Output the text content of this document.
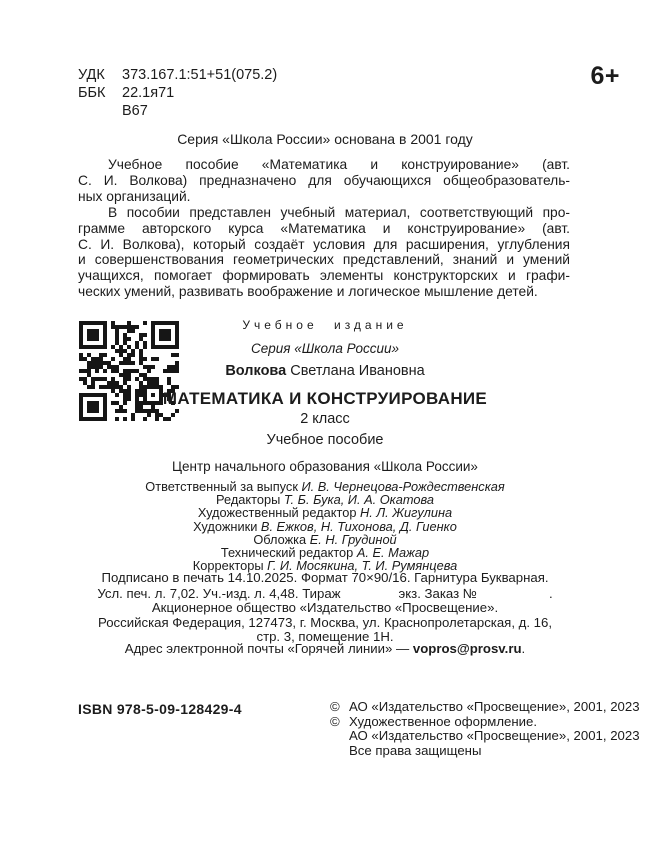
УДК	373.167.1:51+51(075.2)
ББК	22.1я71
В67
6+
Серия «Школа России» основана в 2001 году
Учебное пособие «Математика и конструирование» (авт.
С. И. Волкова) предназначено для обучающихся общеобразователь-
ных организаций.
В пособии представлен учебный материал, соответствующий про-
грамме авторского курса «Математика и конструирование» (авт.
С. И. Волкова), который создаёт условия для расширения, углубления
и совершенствования геометрических представлений, знаний и умений
учащихся, помогает формировать элементы конструкторских и графи-
ческих умений, развивать воображение и логическое мышление детей.
Учебное издание
Серия «Школа России»
Волкова Светлана Ивановна
МАТЕМАТИКА И КОНСТРУИРОВАНИЕ
2 класс
Учебное пособие
Центр начального образования «Школа России»
Ответственный за выпуск И. В. Чернецова-Рождественская
Редакторы Т. Б. Бука, И. А. Окатова
Художественный редактор Н. Л. Жигулина
Художники В. Ежков, Н. Тихонова, Д. Гиенко
Обложка Е. Н. Грудиной
Технический редактор А. Е. Мажар
Корректоры Г. И. Мосякина, Т. И. Румянцева
Подписано в печать 14.10.2025. Формат 70×90/16. Гарнитура Букварная.
Усл. печ. л. 7,02. Уч.-изд. л. 4,48. Тираж	экз. Заказ №	.
Акционерное общество «Издательство «Просвещение».
Российская Федерация, 127473, г. Москва, ул. Краснопролетарская, д. 16,
стр. 3, помещение 1Н.
Адрес электронной почты «Горячей линии» — vopros@prosv.ru.
ISBN 978-5-09-128429-4	© АО «Издательство «Просвещение», 2001, 2023
© Художественное оформление.
АО «Издательство «Просвещение», 2001, 2023
Все права защищены
